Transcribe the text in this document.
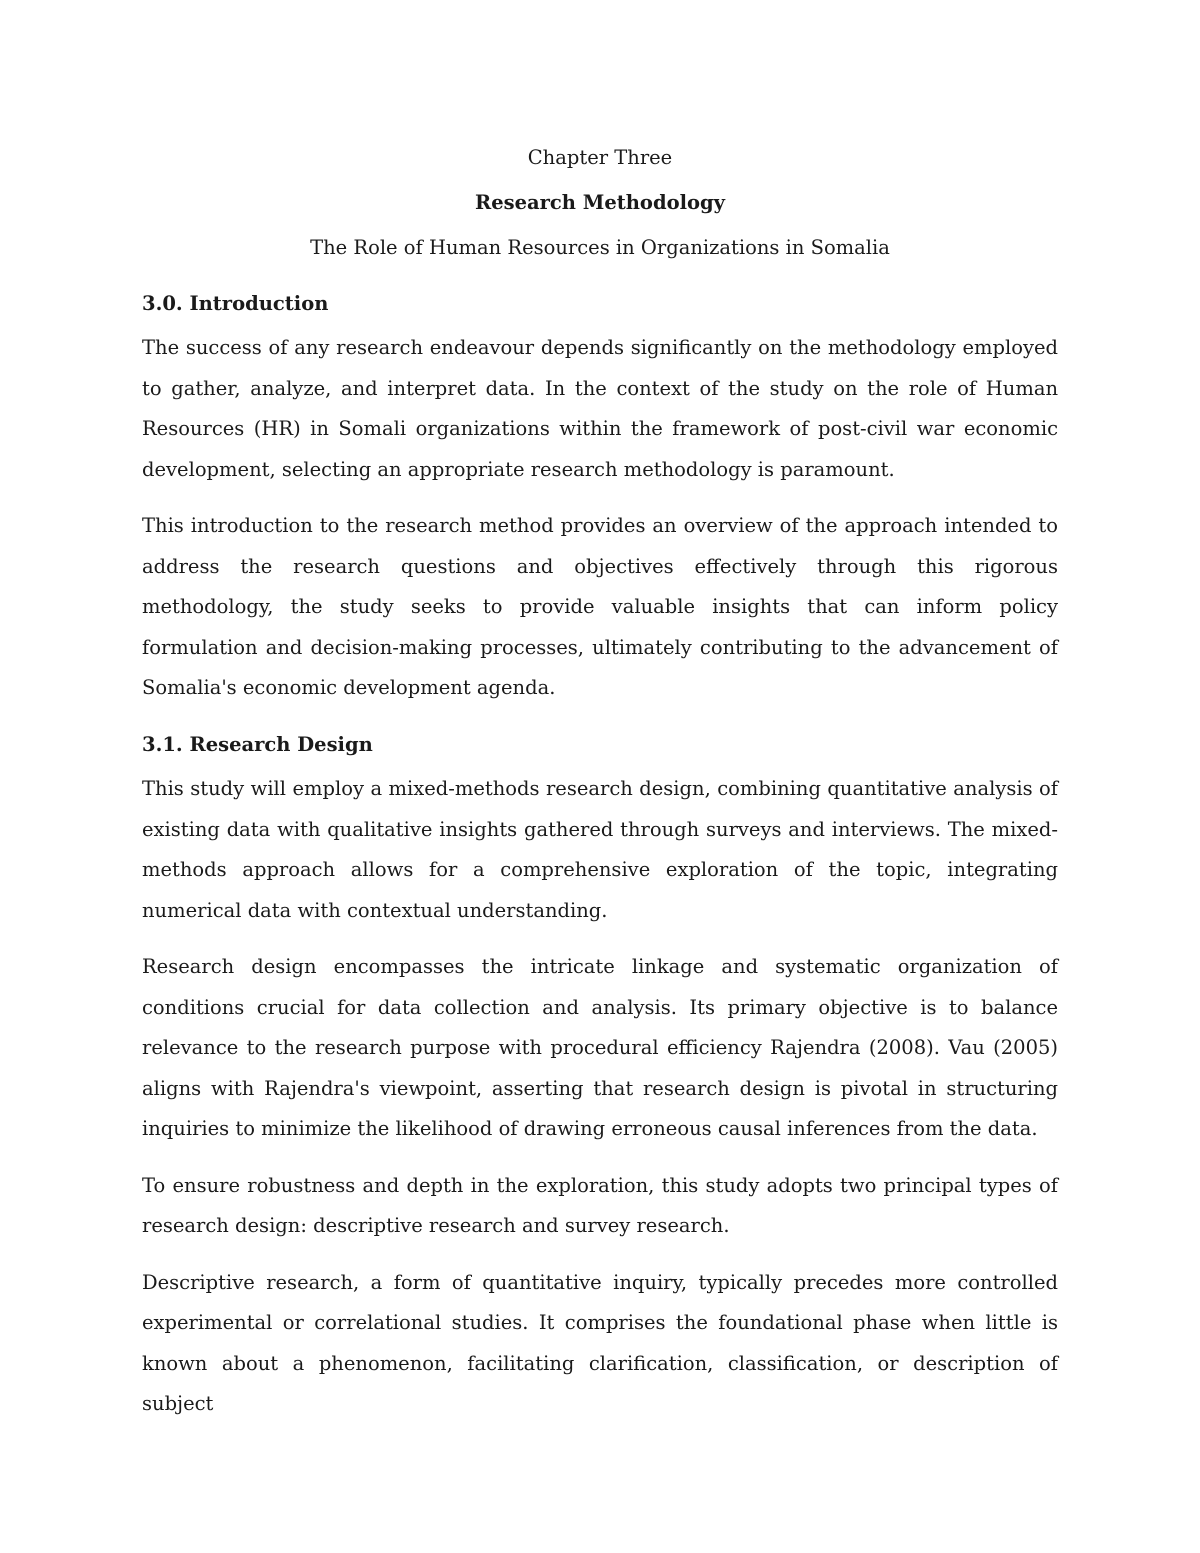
Chapter Three

Research Methodology

The Role of Human Resources in Organizations in Somalia

3.0. Introduction

The success of any research endeavour depends significantly on the methodology employed to gather, analyze, and interpret data. In the context of the study on the role of Human Resources (HR) in Somali organizations within the framework of post-civil war economic development, selecting an appropriate research methodology is paramount.

This introduction to the research method provides an overview of the approach intended to address the research questions and objectives effectively through this rigorous methodology, the study seeks to provide valuable insights that can inform policy formulation and decision-making processes, ultimately contributing to the advancement of Somalia's economic development agenda.

3.1. Research Design

This study will employ a mixed-methods research design, combining quantitative analysis of existing data with qualitative insights gathered through surveys and interviews. The mixed-methods approach allows for a comprehensive exploration of the topic, integrating numerical data with contextual understanding.

Research design encompasses the intricate linkage and systematic organization of conditions crucial for data collection and analysis. Its primary objective is to balance relevance to the research purpose with procedural efficiency Rajendra (2008). Vau (2005) aligns with Rajendra's viewpoint, asserting that research design is pivotal in structuring inquiries to minimize the likelihood of drawing erroneous causal inferences from the data.

To ensure robustness and depth in the exploration, this study adopts two principal types of research design: descriptive research and survey research.

Descriptive research, a form of quantitative inquiry, typically precedes more controlled experimental or correlational studies. It comprises the foundational phase when little is known about a phenomenon, facilitating clarification, classification, or description of subject
